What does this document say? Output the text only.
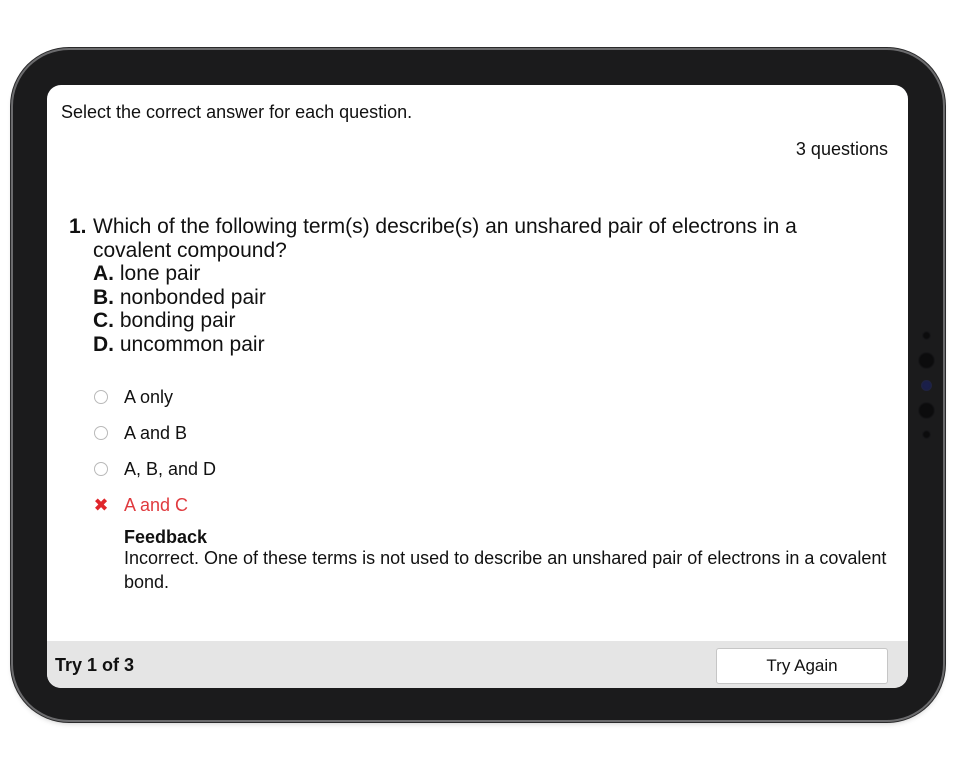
Select the correct answer for each question.
3 questions
1. Which of the following term(s) describe(s) an unshared pair of electrons in a covalent compound?
A. lone pair
B. nonbonded pair
C. bonding pair
D. uncommon pair
A only
A and B
A, B, and D
✖ A and C
Feedback
Incorrect. One of these terms is not used to describe an unshared pair of electrons in a covalent bond.
Try 1 of 3	Try Again
